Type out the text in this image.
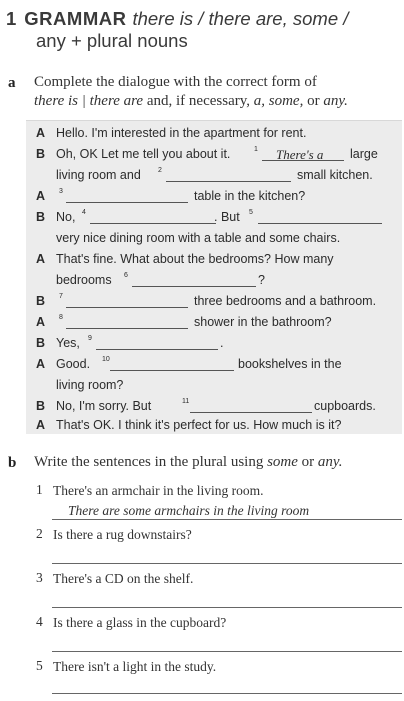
1 GRAMMAR there is / there are, some /
any + plural nouns
a Complete the dialogue with the correct form of
there is | there are and, if necessary, a, some, or any.
A Hello. I'm interested in the apartment for rent.
B Oh, OK Let me tell you about it.	1 There's a large
living room and 2	small kitchen.
A	3	table in the kitchen?
B No, 4	. But 5
very nice dining room with a table and some chairs.
A That's fine. What about the bedrooms? How many
bedrooms 6	?
B	7	three bedrooms and a bathroom.
A	8	shower in the bathroom?
B Yes, 9	.
A Good. 10	bookshelves in the
living room?
B No, I'm sorry. But	11	cupboards.
A That's OK. I think it's perfect for us. How much is it?
b Write the sentences in the plural using some or any.
1 There's an armchair in the living room.
There are some armchairs in the living room
2 Is there a rug downstairs?
3 There's a CD on the shelf.
4 Is there a glass in the cupboard?
5 There isn't a light in the study.
